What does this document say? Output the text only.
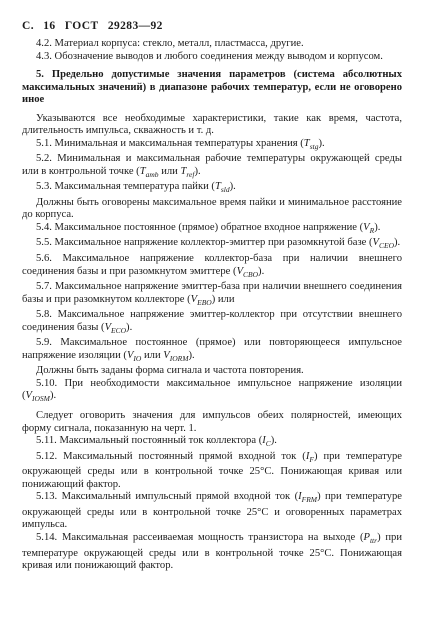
С. 16 ГОСТ 29283—92

4.2. Материал корпуса: стекло, металл, пластмасса, другие.

4.3. Обозначение выводов и любого соединения между выводом и корпусом.

5. Предельно допустимые значения параметров (система абсолютных максимальных значений) в диапазоне рабочих температур, если не оговорено иное

Указываются все необходимые характеристики, такие как время, частота, длительность импульса, скважность и т. д.

5.1. Минимальная и максимальная температуры хранения $(T_{stg})$.

5.2. Минимальная и максимальная рабочие температуры окружающей среды или в контрольной точке ($T_{amb}$ или $T_{ref}$).

5.3. Максимальная температура пайки $(T_{sld})$.

Должны быть оговорены максимальное время пайки и минимальное расстояние до корпуса.

5.4. Максимальное постоянное (прямое) обратное входное напряжение $(V_R)$.

5.5. Максимальное напряжение коллектор-эмиттер при разомкнутой базе $(V_{CEO})$.

5.6. Максимальное напряжение коллектор-база при наличии внешнего соединения базы и при разомкнутом эмиттере $(V_{CBO})$.

5.7. Максимальное напряжение эмиттер-база при наличии внешнего соединения базы и при разомкнутом коллекторе $(V_{EBO})$ или

5.8. Максимальное напряжение эмиттер-коллектор при отсутствии внешнего соединения базы $(V_{ECO})$.

5.9. Максимальное постоянное (прямое) или повторяющееся импульсное напряжение изоляции ($V_{IO}$ или $V_{IORM}$).

Должны быть заданы форма сигнала и частота повторения.

5.10. При необходимости максимальное импульсное напряжение изоляции $(V_{IOSM})$.

Следует оговорить значения для импульсов обеих полярностей, имеющих форму сигнала, показанную на черт. 1.

5.11. Максимальный постоянный ток коллектора $(I_C)$.

5.12. Максимальный постоянный прямой входной ток $(I_F)$ при температуре окружающей среды или в контрольной точке 25°С. Понижающая кривая или понижающий фактор.

5.13. Максимальный импульсный прямой входной ток $(I_{FRM})$ при температуре окружающей среды или в контрольной точке 25°С и оговоренных параметрах импульса.

5.14. Максимальная рассеиваемая мощность транзистора на выходе $(P_{ttr})$ при температуре окружающей среды или в контрольной точке 25°С. Понижающая кривая или понижающий фактор.
